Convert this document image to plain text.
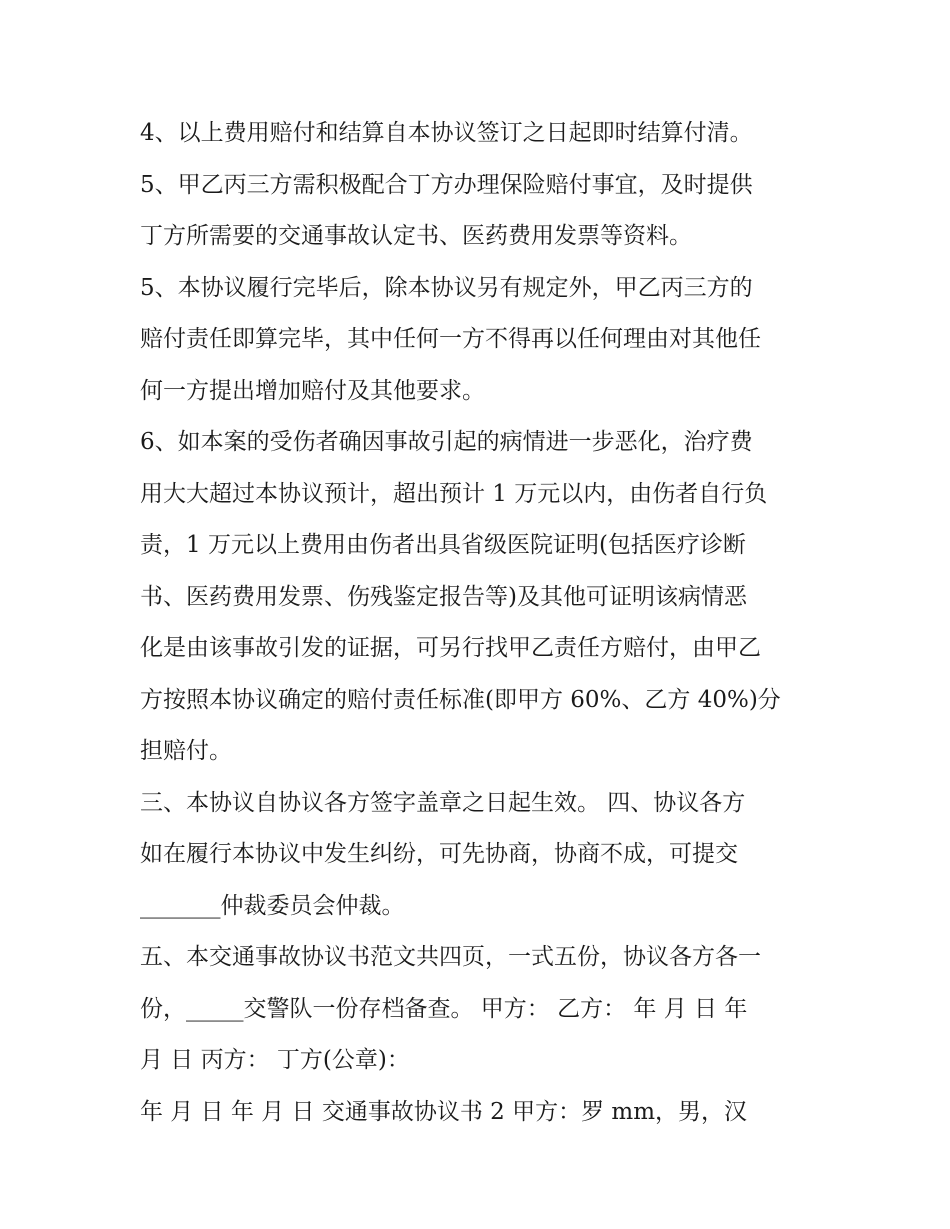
4、以上费用赔付和结算自本协议签订之日起即时结算付清。
5、甲乙丙三方需积极配合丁方办理保险赔付事宜，及时提供
丁方所需要的交通事故认定书、医药费用发票等资料。
5、本协议履行完毕后，除本协议另有规定外，甲乙丙三方的
赔付责任即算完毕，其中任何一方不得再以任何理由对其他任
何一方提出增加赔付及其他要求。
6、如本案的受伤者确因事故引起的病情进一步恶化，治疗费
用大大超过本协议预计，超出预计 1 万元以内，由伤者自行负
责，1 万元以上费用由伤者出具省级医院证明(包括医疗诊断
书、医药费用发票、伤残鉴定报告等)及其他可证明该病情恶
化是由该事故引发的证据，可另行找甲乙责任方赔付，由甲乙
方按照本协议确定的赔付责任标准(即甲方 60%、乙方 40%)分
担赔付。
三、本协议自协议各方签字盖章之日起生效。 四、协议各方
如在履行本协议中发生纠纷，可先协商，协商不成，可提交
_______仲裁委员会仲裁。
五、本交通事故协议书范文共四页，一式五份，协议各方各一
份，_____交警队一份存档备查。 甲方： 乙方： 年 月 日 年
月 日 丙方： 丁方(公章)：
年 月 日 年 月 日 交通事故协议书 2 甲方：罗 mm，男，汉
